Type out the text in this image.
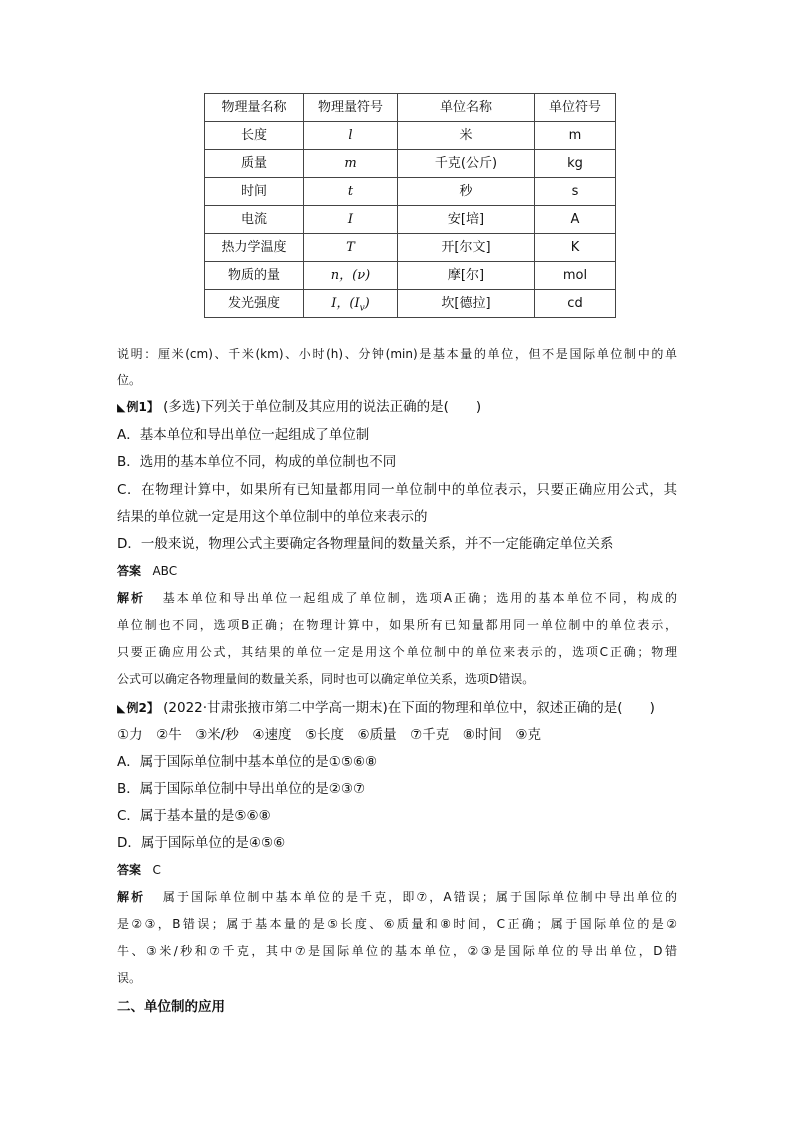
物理量名称	物理量符号	单位名称	单位符号
长度	l	米	m
质量	m	千克(公斤)	kg
时间	t	秒	s
电流	I	安[培]	A
热力学温度	T	开[尔文]	K
物质的量	n，(ν)	摩[尔]	mol
发光强度	I，$(I_v)$	坎[德拉]	cd
说明：厘米(cm)、千米(km)、小时(h)、分钟(min)是基本量的单位，但不是国际单位制中的单
位。
◣例1】 (多选)下列关于单位制及其应用的说法正确的是(　　)
A．基本单位和导出单位一起组成了单位制
B．选用的基本单位不同，构成的单位制也不同
C．在物理计算中，如果所有已知量都用同一单位制中的单位表示，只要正确应用公式，其
结果的单位就一定是用这个单位制中的单位来表示的
D．一般来说，物理公式主要确定各物理量间的数量关系，并不一定能确定单位关系
答案 ABC
解析 基本单位和导出单位一起组成了单位制，选项A正确；选用的基本单位不同，构成的
单位制也不同，选项B正确；在物理计算中，如果所有已知量都用同一单位制中的单位表示，
只要正确应用公式，其结果的单位一定是用这个单位制中的单位来表示的，选项C正确；物理
公式可以确定各物理量间的数量关系，同时也可以确定单位关系，选项D错误。
◣例2】 (2022·甘肃张掖市第二中学高一期末)在下面的物理和单位中，叙述正确的是(　　)
①力　②牛　③米/秒　④速度　⑤长度　⑥质量　⑦千克　⑧时间　⑨克
A．属于国际单位制中基本单位的是①⑤⑥⑧
B．属于国际单位制中导出单位的是②③⑦
C．属于基本量的是⑤⑥⑧
D．属于国际单位的是④⑤⑥
答案 C
解析 属于国际单位制中基本单位的是千克，即⑦，A错误；属于国际单位制中导出单位的
是②③，B错误；属于基本量的是⑤长度、⑥质量和⑧时间，C正确；属于国际单位的是②
牛、③米/秒和⑦千克，其中⑦是国际单位的基本单位，②③是国际单位的导出单位，D错
误。
二、单位制的应用
